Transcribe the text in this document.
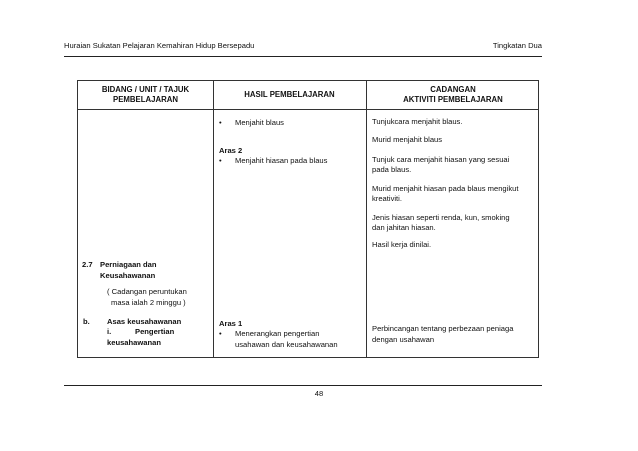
Huraian Sukatan Pelajaran Kemahiran Hidup Bersepadu	Tingkatan Dua
BIDANG / UNIT / TAJUK
PEMBELAJARAN
HASIL PEMBELAJARAN
CADANGAN
AKTIVITI PEMBELAJARAN
2.7 Perniagaan dan
Keusahawanan
( Cadangan peruntukan
masa ialah 2 minggu )
b. Asas keusahawanan
i.	Pengertian
keusahawanan
• Menjahit blaus
Aras 2
• Menjahit hiasan pada blaus
Aras 1
• Menerangkan pengertian
usahawan dan keusahawanan
Tunjukcara menjahit blaus.
Murid menjahit blaus
Tunjuk cara menjahit hiasan yang sesuai
pada blaus.
Murid menjahit hiasan pada blaus mengikut
kreativiti.
Jenis hiasan seperti renda, kun, smoking
dan jahitan hiasan.
Hasil kerja dinilai.
Perbincangan tentang perbezaan peniaga
dengan usahawan
48
